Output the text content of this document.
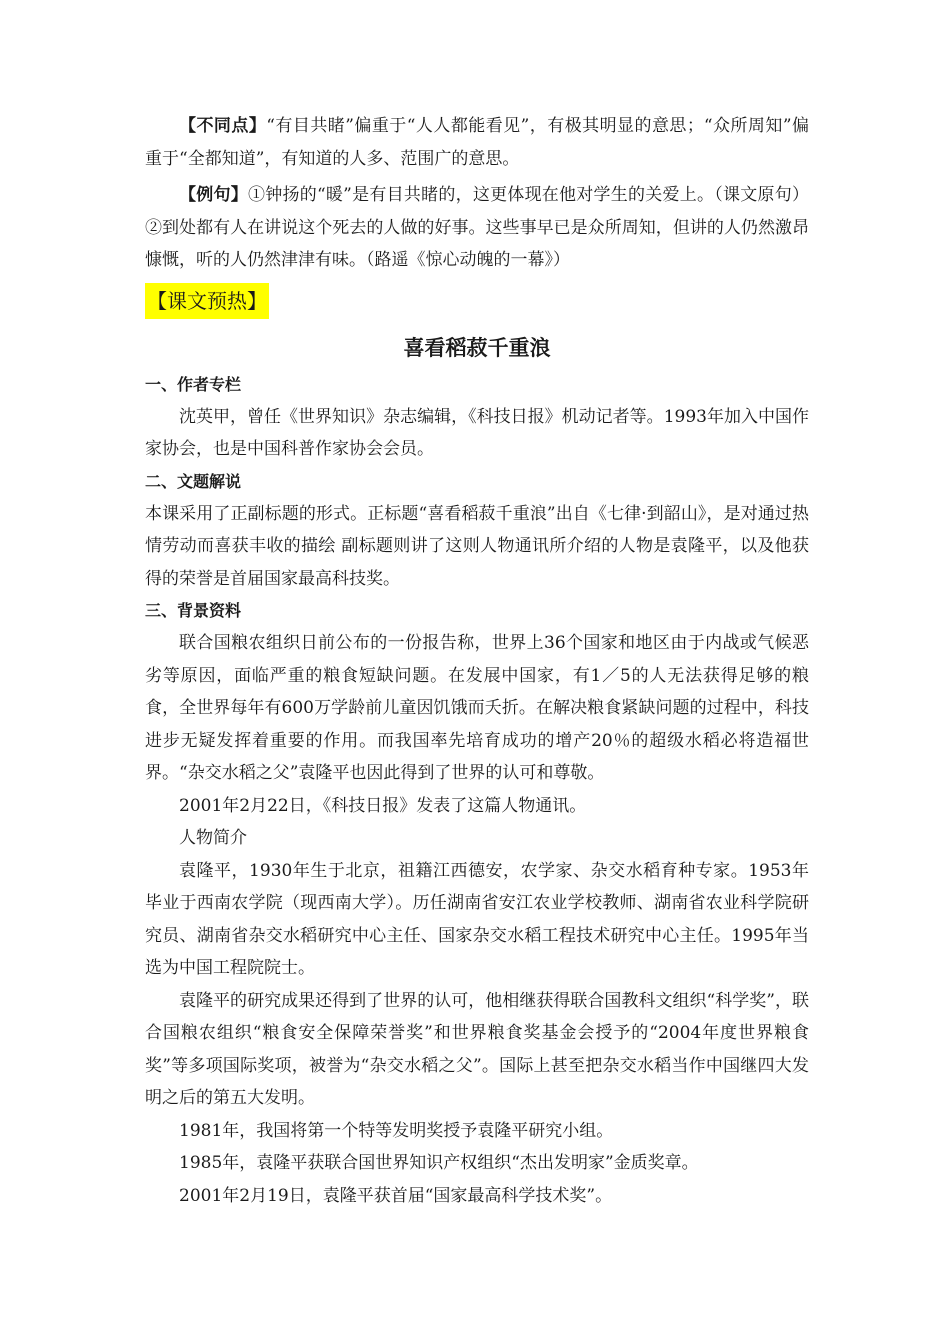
【不同点】“有目共睹”偏重于“人人都能看见”，有极其明显的意思；“众所周知”偏重于“全都知道”，有知道的人多、范围广的意思。

【例句】①钟扬的“暖”是有目共睹的，这更体现在他对学生的关爱上。（课文原句）②到处都有人在讲说这个死去的人做的好事。这些事早已是众所周知，但讲的人仍然激昂慷慨，听的人仍然津津有味。（路遥《惊心动魄的一幕》）

【课文预热】
喜看稻菽千重浪
一、作者专栏

沈英甲，曾任《世界知识》杂志编辑，《科技日报》机动记者等。1993年加入中国作家协会，也是中国科普作家协会会员。

二、文题解说

本课采用了正副标题的形式。正标题“喜看稻菽千重浪”出自《七律·到韶山》，是对通过热情劳动而喜获丰收的描绘 副标题则讲了这则人物通讯所介绍的人物是袁隆平，以及他获得的荣誉是首届国家最高科技奖。

三、背景资料

联合国粮农组织日前公布的一份报告称，世界上36个国家和地区由于内战或气候恶劣等原因，面临严重的粮食短缺问题。在发展中国家，有1／5的人无法获得足够的粮食，全世界每年有600万学龄前儿童因饥饿而夭折。在解决粮食紧缺问题的过程中，科技进步无疑发挥着重要的作用。而我国率先培育成功的增产20％的超级水稻必将造福世界。“杂交水稻之父”袁隆平也因此得到了世界的认可和尊敬。

2001年2月22日，《科技日报》发表了这篇人物通讯。

人物简介

袁隆平，1930年生于北京，祖籍江西德安，农学家、杂交水稻育种专家。1953年毕业于西南农学院（现西南大学）。历任湖南省安江农业学校教师、湖南省农业科学院研究员、湖南省杂交水稻研究中心主任、国家杂交水稻工程技术研究中心主任。1995年当选为中国工程院院士。

袁隆平的研究成果还得到了世界的认可，他相继获得联合国教科文组织“科学奖”，联合国粮农组织“粮食安全保障荣誉奖”和世界粮食奖基金会授予的“2004年度世界粮食奖”等多项国际奖项，被誉为“杂交水稻之父”。国际上甚至把杂交水稻当作中国继四大发明之后的第五大发明。

1981年，我国将第一个特等发明奖授予袁隆平研究小组。

1985年，袁隆平获联合国世界知识产权组织“杰出发明家”金质奖章。

2001年2月19日，袁隆平获首届“国家最高科学技术奖”。
